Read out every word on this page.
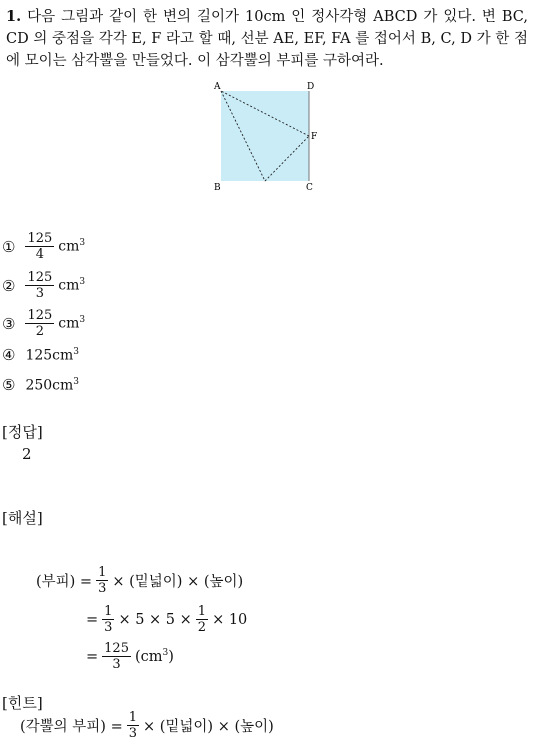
1. 다음 그림과 같이 한 변의 길이가 10cm 인 정사각형 ABCD 가 있다. 변 BC, CD 의 중점을 각각 E, F 라고 할 때, 선분 AE, EF, FA 를 접어서 B, C, D 가 한 점에 모이는 삼각뿔을 만들었다. 이 삼각뿔의 부피를 구하여라.
A	D
F
B	C
① $\frac{125}{4} cm^3$
② $\frac{125}{3} cm^3$
③ $\frac{125}{2} cm^3$
④ $125cm^3$
⑤ $250cm^3$
[정답]
2
[해설]
(부피) = $\frac{1}{3}$ × (밑넓이) × (높이)
= $\frac{1}{3} \times 5 \times 5 \times \frac{1}{2} \times 10$
= $\frac{125}{3} (cm^3)$
[힌트]
(각뿔의 부피) = $\frac{1}{3}$ × (밑넓이) × (높이)
